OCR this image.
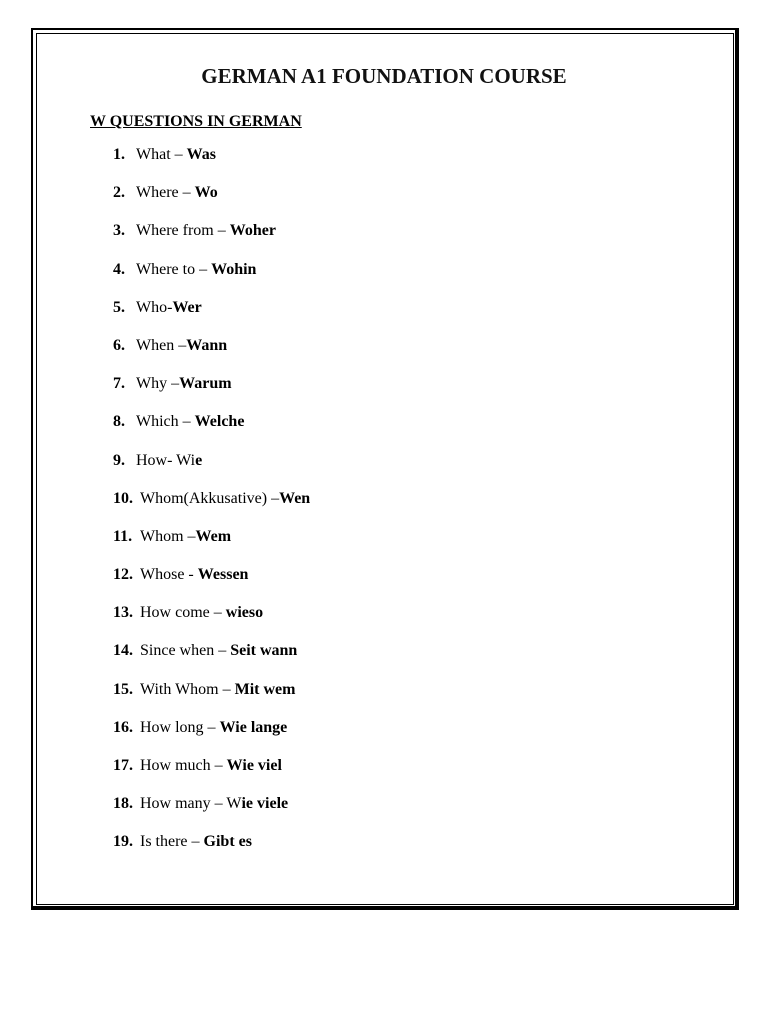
GERMAN A1 FOUNDATION COURSE
W QUESTIONS IN GERMAN
1. What – Was
2. Where – Wo
3. Where from – Woher
4. Where to – Wohin
5. Who-Wer
6. When –Wann
7. Why –Warum
8. Which – Welche
9. How- Wie
10. Whom(Akkusative) –Wen
11. Whom –Wem
12. Whose - Wessen
13. How come – wieso
14. Since when – Seit wann
15. With Whom – Mit wem
16. How long – Wie lange
17. How much – Wie viel
18. How many – Wie viele
19. Is there – Gibt es
